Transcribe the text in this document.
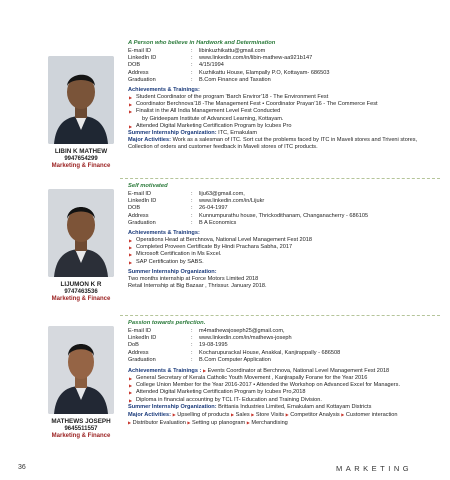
LIBIN K MATHEW
9947654299
Marketing & Finance
A Person who believe in Hardwork and Determination
E-mail ID	:	libinkuzhikattu@gmail.com
LinkedIn ID	:	www.linkedin.com/in/libin-mathew-aa921b147
DOB	:	4/15/1994
Address	:	Kuzhikattu House, Elampally P.O, Kottayam- 686503
Graduation	:	B.Com Finance and Taxation
Achievements & Trainings:
▶ Student Coordinator of the program ‘Barch Enviror’18 - The Environment Fest
▶ Coordinator Berchnova’18 -The Management Fest • Coordinator Prayan’16 - The Commerce Fest
▶ Finalist in the All India Management Level Fest Conducted
by Girideepam Institute of Advanced Learning, Kottayam.
▶ Attended Digital Marketing Certification Program by Icubes Pro
Summer Internship Organization: ITC, Ernakulam
Major Activities: Work as a salesman of ITC. Sort cut the problems faced by ITC in Maveli stores and Triveni stores, Collection of orders and customer feedback in Maveli stores of ITC products.
LIJUMON K R
9747463536
Marketing & Finance
Self motivated
E-mail ID	:	liju63@gmail.com,
LinkedIn ID	:	www.linkedin.com/in/Lijukr
DOB	:	26-04-1997
Address	:	Kunnumpurathu house, Thrickodithanam, Changanacherry - 686105
Graduation	:	B A Economics
Achievements & Trainings:
▶ Operations Head at Berchnova, National Level Management Fest 2018
▶ Completed Proveen Certificate By Hindi Prachara Sabha, 2017
▶ Microsoft Certification in Ms Excel.
▶ SAP Certification by SABS.
Summer Internship Organization:
Two months internship at Force Motors Limited 2018
Retail Internship at Big Bazaar , Thrissur. January 2018.
MATHEWS JOSEPH
9645511557
Marketing & Finance
Passion towards perfection.
E-mail ID	:	m4mathewsjoseph25@gmail.com,
LinkedIn ID	:	www.linkedin.com/in/mathews-joseph
DoB	:	19-08-1995
Address	:	Kocharupurackal House, Anakkal, Kanjirappally - 686508
Graduation	:	B.Com Computer Application
Achievements & Trainings : ▶ Events Coordinator at Berchnova, National Level Management Fest 2018
▶ General Secretary of Kerala Catholic Youth Movement , Kanjirapally Forane for the Year 2016
▶ College Union Member for the Year 2016-2017 • Attended the Workshop on Advanced Excel for Managers.
▶ Attended Digital Marketing Certification Program by Icubes Pro,2018
▶ Diploma in financial accounting by TCL IT- Education and Training Division.
Summer Internship Organization: Brittania Industries Limited, Ernakulam and Kottayam Districts
Major Activities: ▶ Upselling of products ▶ Sales ▶ Store Visits ▶ Competitor Analysis ▶ Customer interaction
▶ Distributor Evaluation ▶ Setting up planogram ▶ Merchandising
36	MARKETING
